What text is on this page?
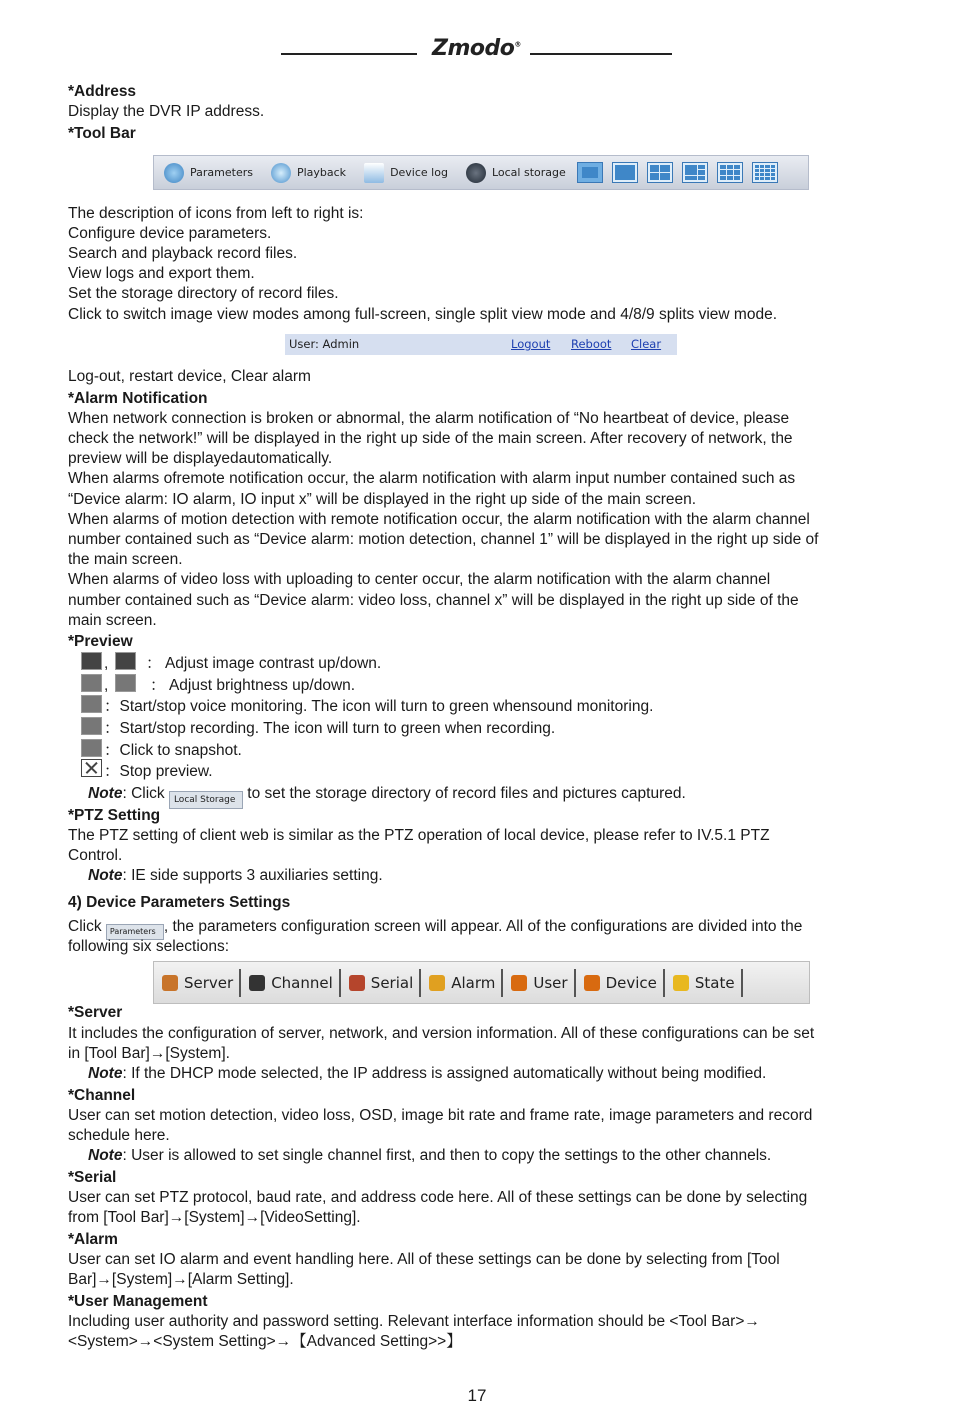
Zmodo®
*Address
Display the DVR IP address.
*Tool Bar
Parameters	Playback	Device log	Local storage
The description of icons from left to right is:
Configure device parameters.
Search and playback record files.
View logs and export them.
Set the storage directory of record files.
Click to switch image view modes among full-screen, single split view mode and 4/8/9 splits view mode.
User: Admin	Logout Reboot Clear
Log-out, restart device, Clear alarm
*Alarm Notification
When network connection is broken or abnormal, the alarm notification of “No heartbeat of device, please
check the network!” will be displayed in the right up side of the main screen. After recovery of network, the
preview will be displayedautomatically.
When alarms ofremote notification occur, the alarm notification with alarm input number contained such as
“Device alarm: IO alarm, IO input x” will be displayed in the right up side of the main screen.
When alarms of motion detection with remote notification occur, the alarm notification with the alarm channel
number contained such as “Device alarm: motion detection, channel 1” will be displayed in the right up side of
the main screen.
When alarms of video loss with uploading to center occur, the alarm notification with the alarm channel
number contained such as “Device alarm: video loss, channel x” will be displayed in the right up side of the
main screen.
*Preview
, ： Adjust image contrast up/down.
,	： Adjust brightness up/down.
：Start/stop voice monitoring. The icon will turn to green whensound monitoring.
：Start/stop recording. The icon will turn to green when recording.
：Click to snapshot.
：Stop preview.
Note: Click Local Storage to set the storage directory of record files and pictures captured.
*PTZ Setting
The PTZ setting of client web is similar as the PTZ operation of local device, please refer to IV.5.1 PTZ
Control.
Note: IE side supports 3 auxiliaries setting.
4) Device Parameters Settings
Click Parameters , the parameters configuration screen will appear. All of the configurations are divided into the
following six selections:
Server	Channel	Serial	Alarm	User	Device	State
*Server
It includes the configuration of server, network, and version information. All of these configurations can be set
in [Tool Bar]→[System].
Note: If the DHCP mode selected, the IP address is assigned automatically without being modified.
*Channel
User can set motion detection, video loss, OSD, image bit rate and frame rate, image parameters and record
schedule here.
Note: User is allowed to set single channel first, and then to copy the settings to the other channels.
*Serial
User can set PTZ protocol, baud rate, and address code here. All of these settings can be done by selecting
from [Tool Bar]→[System]→[VideoSetting].
*Alarm
User can set IO alarm and event handling here. All of these settings can be done by selecting from [Tool
Bar]→[System]→[Alarm Setting].
*User Management
Including user authority and password setting. Relevant interface information should be <Tool Bar>→
<System>→<System Setting>→【Advanced Setting>>】
17
